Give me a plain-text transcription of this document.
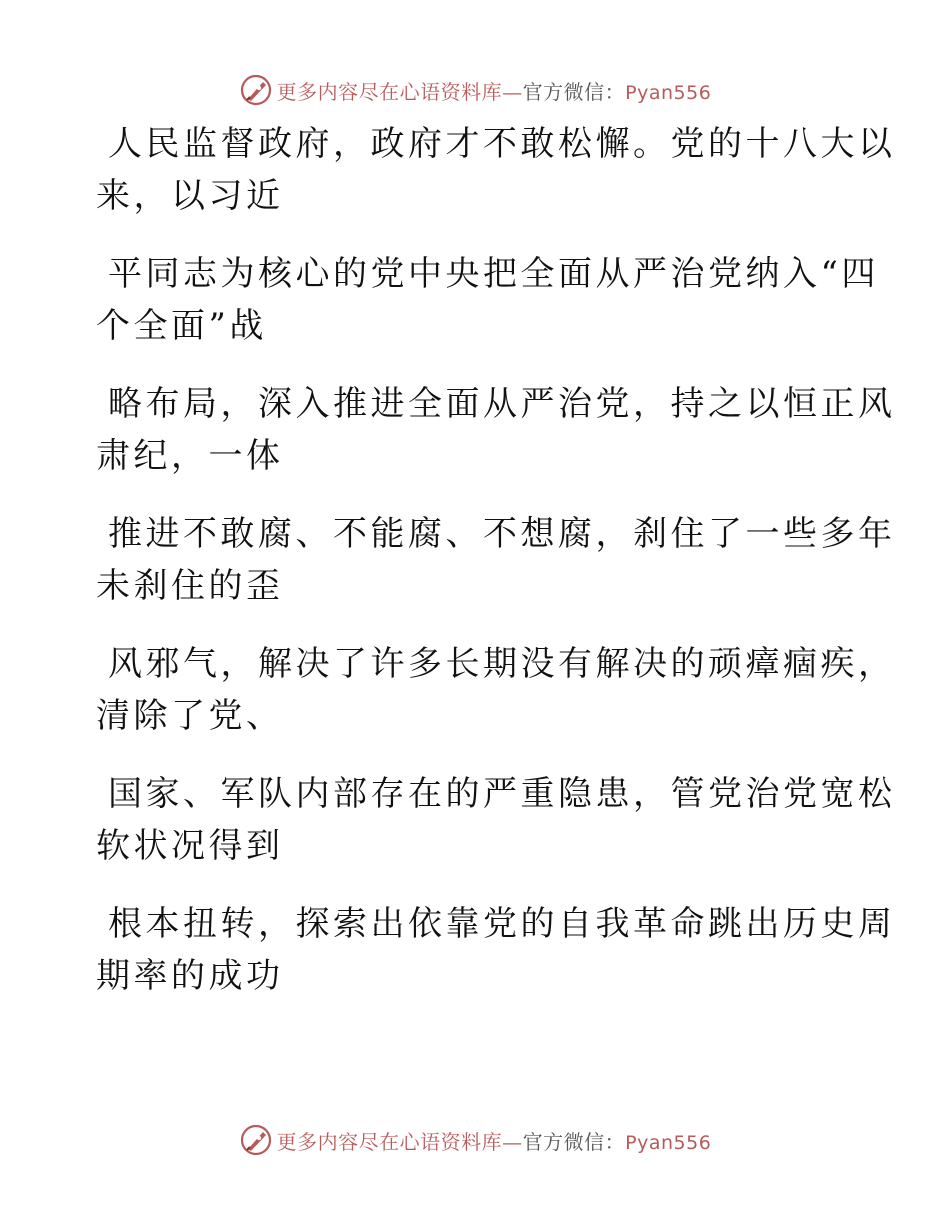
更多内容尽在心语资料库—官方微信：Pyan556

人民监督政府，政府才不敢松懈。党的十八大以
来，以习近

平同志为核心的党中央把全面从严治党纳入“四
个全面”战

略布局，深入推进全面从严治党，持之以恒正风
肃纪，一体

推进不敢腐、不能腐、不想腐，刹住了一些多年
未刹住的歪

风邪气，解决了许多长期没有解决的顽瘴痼疾，
清除了党、

国家、军队内部存在的严重隐患，管党治党宽松
软状况得到

根本扭转，探索出依靠党的自我革命跳出历史周
期率的成功

更多内容尽在心语资料库—官方微信：Pyan556
